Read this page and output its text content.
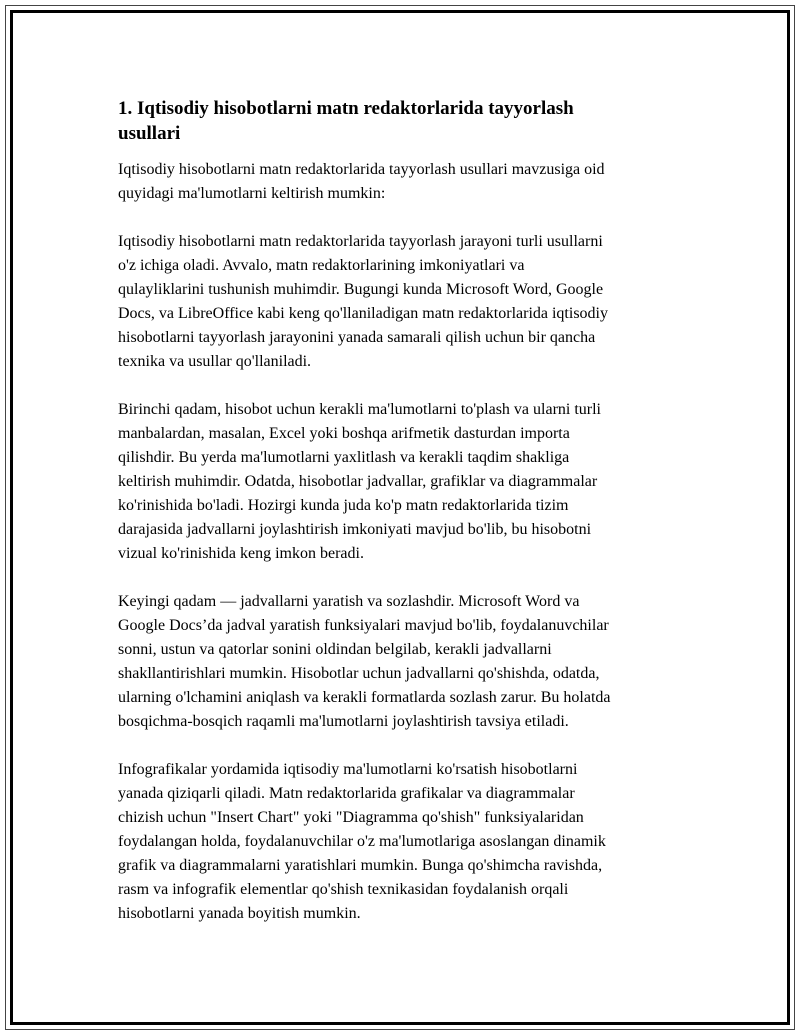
1. Iqtisodiy hisobotlarni matn redaktorlarida tayyorlash
usullari

Iqtisodiy hisobotlarni matn redaktorlarida tayyorlash usullari mavzusiga oid
quyidagi ma'lumotlarni keltirish mumkin:

Iqtisodiy hisobotlarni matn redaktorlarida tayyorlash jarayoni turli usullarni
o'z ichiga oladi. Avvalo, matn redaktorlarining imkoniyatlari va
qulayliklarini tushunish muhimdir. Bugungi kunda Microsoft Word, Google
Docs, va LibreOffice kabi keng qo'llaniladigan matn redaktorlarida iqtisodiy
hisobotlarni tayyorlash jarayonini yanada samarali qilish uchun bir qancha
texnika va usullar qo'llaniladi.

Birinchi qadam, hisobot uchun kerakli ma'lumotlarni to'plash va ularni turli
manbalardan, masalan, Excel yoki boshqa arifmetik dasturdan importa
qilishdir. Bu yerda ma'lumotlarni yaxlitlash va kerakli taqdim shakliga
keltirish muhimdir. Odatda, hisobotlar jadvallar, grafiklar va diagrammalar
ko'rinishida bo'ladi. Hozirgi kunda juda ko'p matn redaktorlarida tizim
darajasida jadvallarni joylashtirish imkoniyati mavjud bo'lib, bu hisobotni
vizual ko'rinishida keng imkon beradi.

Keyingi qadam — jadvallarni yaratish va sozlashdir. Microsoft Word va
Google Docs’da jadval yaratish funksiyalari mavjud bo'lib, foydalanuvchilar
sonni, ustun va qatorlar sonini oldindan belgilab, kerakli jadvallarni
shakllantirishlari mumkin. Hisobotlar uchun jadvallarni qo'shishda, odatda,
ularning o'lchamini aniqlash va kerakli formatlarda sozlash zarur. Bu holatda
bosqichma-bosqich raqamli ma'lumotlarni joylashtirish tavsiya etiladi.

Infografikalar yordamida iqtisodiy ma'lumotlarni ko'rsatish hisobotlarni
yanada qiziqarli qiladi. Matn redaktorlarida grafikalar va diagrammalar
chizish uchun "Insert Chart" yoki "Diagramma qo'shish" funksiyalaridan
foydalangan holda, foydalanuvchilar o'z ma'lumotlariga asoslangan dinamik
grafik va diagrammalarni yaratishlari mumkin. Bunga qo'shimcha ravishda,
rasm va infografik elementlar qo'shish texnikasidan foydalanish orqali
hisobotlarni yanada boyitish mumkin.
